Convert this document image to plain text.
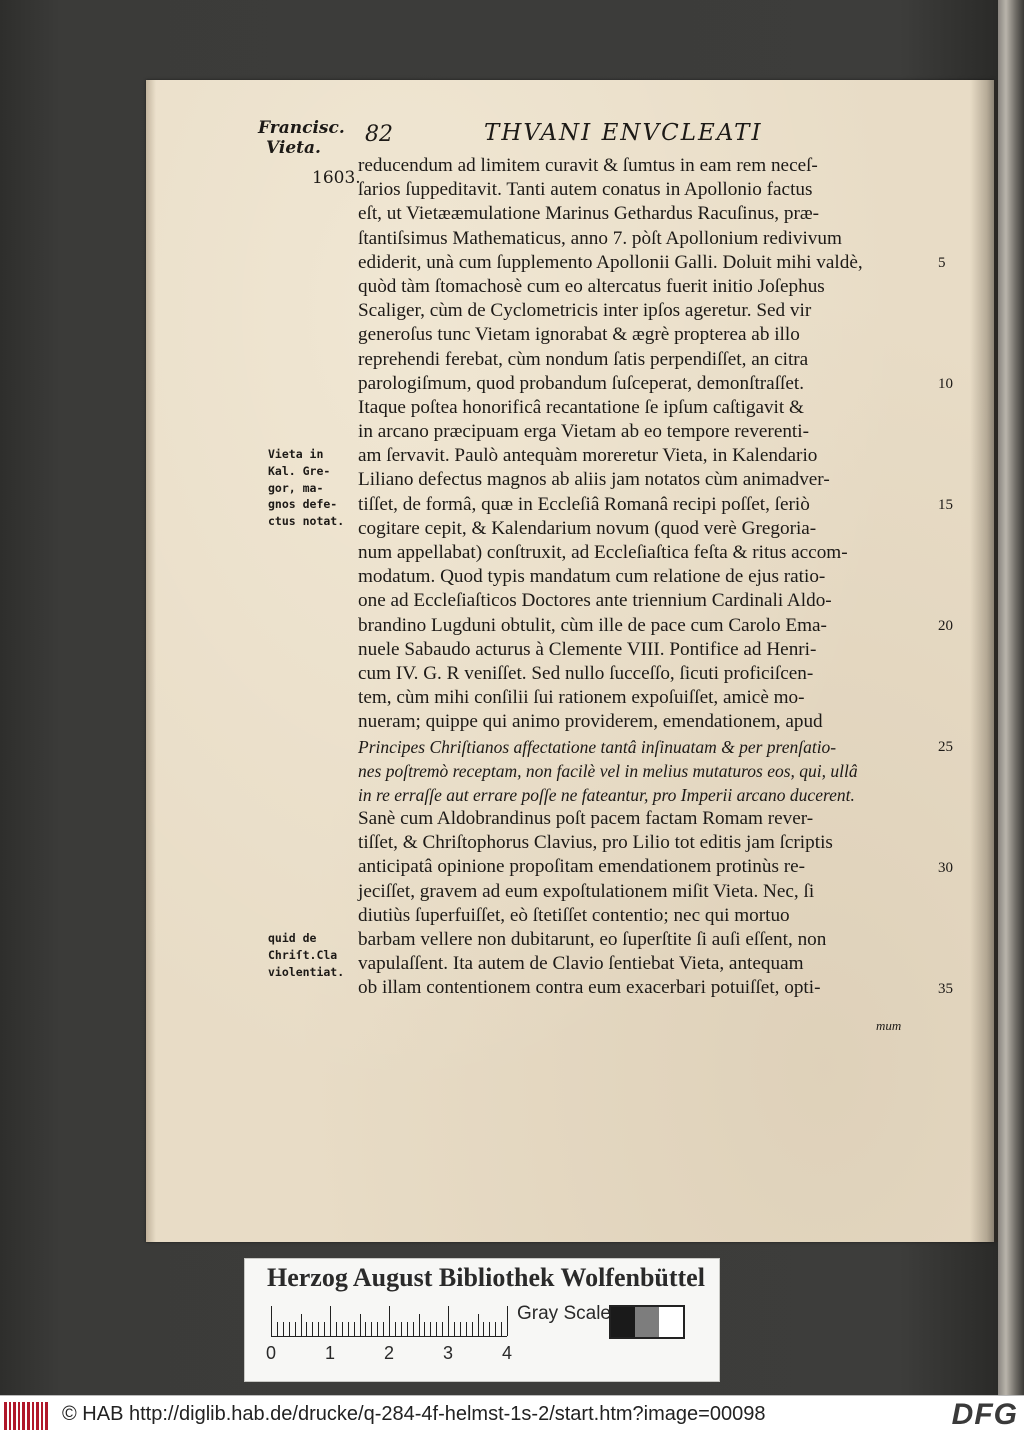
Francisc.
Vieta.
82	THVANI ENVCLEATI
1603.
reducendum ad limitem curavit & ſumtus in eam rem neceſ-
ſarios ſuppeditavit. Tanti autem conatus in Apollonio factus
eſt, ut Vietææmulatione Marinus Gethardus Racuſinus, præ-
ſtantiſsimus Mathematicus, anno 7. pòſt Apollonium redivivum
ediderit, unà cum ſupplemento Apollonii Galli. Doluit mihi valdè,
quòd tàm ſtomachosè cum eo altercatus fuerit initio Joſephus
Scaliger, cùm de Cyclometricis inter ipſos ageretur. Sed vir
generoſus tunc Vietam ignorabat & ægrè propterea ab illo
reprehendi ferebat, cùm nondum ſatis perpendiſſet, an citra
parologiſmum, quod probandum ſuſceperat, demonſtraſſet.
Itaque poſtea honorificâ recantatione ſe ipſum caſtigavit &
in arcano præcipuam erga Vietam ab eo tempore reverenti-
am ſervavit. Paulò antequàm moreretur Vieta, in Kalendario
Liliano defectus magnos ab aliis jam notatos cùm animadver-
tiſſet, de formâ, quæ in Eccleſiâ Romanâ recipi poſſet, ſeriò
cogitare cepit, & Kalendarium novum (quod verè Gregoria-
num appellabat) conſtruxit, ad Eccleſiaſtica feſta & ritus accom-
modatum. Quod typis mandatum cum relatione de ejus ratio-
one ad Eccleſiaſticos Doctores ante triennium Cardinali Aldo-
brandino Lugduni obtulit, cùm ille de pace cum Carolo Ema-
nuele Sabaudo acturus à Clemente VIII. Pontifice ad Henri-
cum IV. G. R veniſſet. Sed nullo ſucceſſo, ſicuti proficiſcen-
tem, cùm mihi conſilii ſui rationem expoſuiſſet, amicè mo-
nueram; quippe qui animo providerem, emendationem, apud
Principes Chriſtianos affectatione tantâ inſinuatam & per prenſatio-
nes poſtremò receptam, non facilè vel in melius mutaturos eos, qui, ullâ
in re erraſſe aut errare poſſe ne fateantur, pro Imperii arcano ducerent.
Sanè cum Aldobrandinus poſt pacem factam Romam rever-
tiſſet, & Chriſtophorus Clavius, pro Lilio tot editis jam ſcriptis
anticipatâ opinione propoſitam emendationem protinùs re-
jeciſſet, gravem ad eum expoſtulationem miſit Vieta. Nec, ſi
diutiùs ſuperfuiſſet, eò ſtetiſſet contentio; nec qui mortuo
barbam vellere non dubitarunt, eo ſuperſtite ſi auſi eſſent, non
vapulaſſent. Ita autem de Clavio ſentiebat Vieta, antequam
ob illam contentionem contra eum exacerbari potuiſſet, opti-
5
10
15
20
25
30
35
Vieta in
Kal. Gre-
gor, ma-
gnos defe-
ctus notat.
quid de
Chriſt.Cla
violentiat.
mum
Herzog August Bibliothek Wolfenbüttel
0	1	2	3	4
Gray Scale
© HAB http://diglib.hab.de/drucke/q-284-4f-helmst-1s-2/start.htm?image=00098	DFG
